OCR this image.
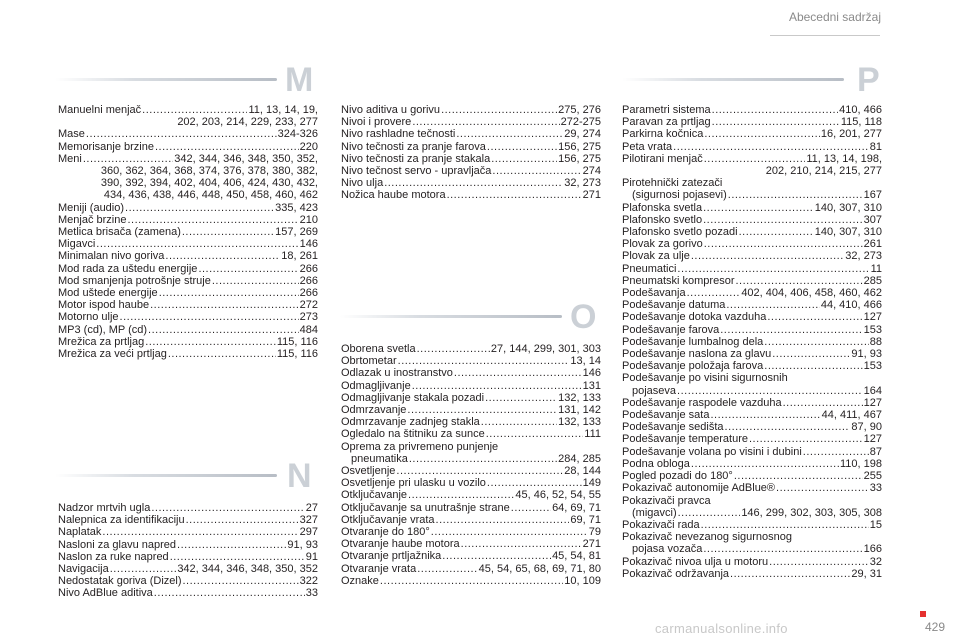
Abecedni sadržaj
M
O
N
P
Manuelni menjač .....	11, 13, 14, 19,
202, 203, 214, 229, 233, 277
Mase .....	324-326
Memorisanje brzine .....	220
Meni .....	342, 344, 346, 348, 350, 352,
360, 362, 364, 368, 374, 376, 378, 380, 382,
390, 392, 394, 402, 404, 406, 424, 430, 432,
434, 436, 438, 446, 448, 450, 458, 460, 462
Meniji (audio) .....	335, 423
Menjač brzine .....	210
Metlica brisača (zamena) .....	157, 269
Migavci .....	146
Minimalan nivo goriva .....	18, 261
Mod rada za uštedu energije .....	266
Mod smanjenja potrošnje struje .....	266
Mod uštede energije .....	266
Motor ispod haube .....	272
Motorno ulje .....	273
MP3 (cd), MP (cd) .....	484
Mrežica za prtljag .....	115, 116
Mrežica za veći prtljag .....	115, 116
Nadzor mrtvih ugla .....	27
Nalepnica za identifikaciju .....	327
Naplatak .....	297
Nasloni za glavu napred .....	91, 93
Naslon za ruke napred .....	91
Navigacija .....	342, 344, 346, 348, 350, 352
Nedostatak goriva (Dizel) .....	322
Nivo AdBlue aditiva .....	33
Nivo aditiva u gorivu .....	275, 276
Nivoi i provere .....	272-275
Nivo rashladne tečnosti .....	29, 274
Nivo tečnosti za pranje farova .....	156, 275
Nivo tečnosti za pranje stakala .....	156, 275
Nivo tečnost servo - upravljača .....	274
Nivo ulja .....	32, 273
Nožica haube motora .....	271
Oborena svetla .....	27, 144, 299, 301, 303
Obrtometar .....	13, 14
Odlazak u inostranstvo .....	146
Odmagljivanje .....	131
Odmagljivanje stakala pozadi .....	132, 133
Odmrzavanje .....	131, 142
Odmrzavanje zadnjeg stakla .....	132, 133
Ogledalo na štitniku za sunce .....	111
Oprema za privremeno punjenje
pneumatika .....	284, 285
Osvetljenje .....	28, 144
Osvetljenje pri ulasku u vozilo .....	149
Otključavanje .....	45, 46, 52, 54, 55
Otključavanje sa unutrašnje strane .....	64, 69, 71
Otključavanje vrata .....	69, 71
Otvaranje do 180° .....	79
Otvaranje haube motora .....	271
Otvaranje prtljažnika .....	45, 54, 81
Otvaranje vrata .....	45, 54, 65, 68, 69, 71, 80
Oznake .....	10, 109
Parametri sistema .....	410, 466
Paravan za prtljag .....	115, 118
Parkirna kočnica .....	16, 201, 277
Peta vrata .....	81
Pilotirani menjač .....	11, 13, 14, 198,
202, 210, 214, 215, 277
Pirotehnički zatezači
(sigurnosi pojasevi) .....	167
Plafonska svetla .....	140, 307, 310
Plafonsko svetlo .....	307
Plafonsko svetlo pozadi .....	140, 307, 310
Plovak za gorivo .....	261
Plovak za ulje .....	32, 273
Pneumatici .....	11
Pneumatski kompresor .....	285
Podešavanja .....	402, 404, 406, 458, 460, 462
Podešavanje datuma .....	44, 410, 466
Podešavanje dotoka vazduha .....	127
Podešavanje farova .....	153
Podešavanje lumbalnog dela .....	88
Podešavanje naslona za glavu .....	91, 93
Podešavanje položaja farova .....	153
Podešavanje po visini sigurnosnih
pojaseva .....	164
Podešavanje raspodele vazduha .....	127
Podešavanje sata .....	44, 411, 467
Podešavanje sedišta .....	87, 90
Podešavanje temperature .....	127
Podešavanje volana po visini i dubini .....	87
Podna obloga .....	110, 198
Pogled pozadi do 180° .....	255
Pokazivač autonomije AdBlue® .....	33
Pokazivači pravca
(migavci) .....	146, 299, 302, 303, 305, 308
Pokazivači rada .....	15
Pokazivač nevezanog sigurnosnog
pojasa vozača .....	166
Pokazivač nivoa ulja u motoru .....	32
Pokazivač održavanja .....	29, 31
carmanualsonline.info	429
